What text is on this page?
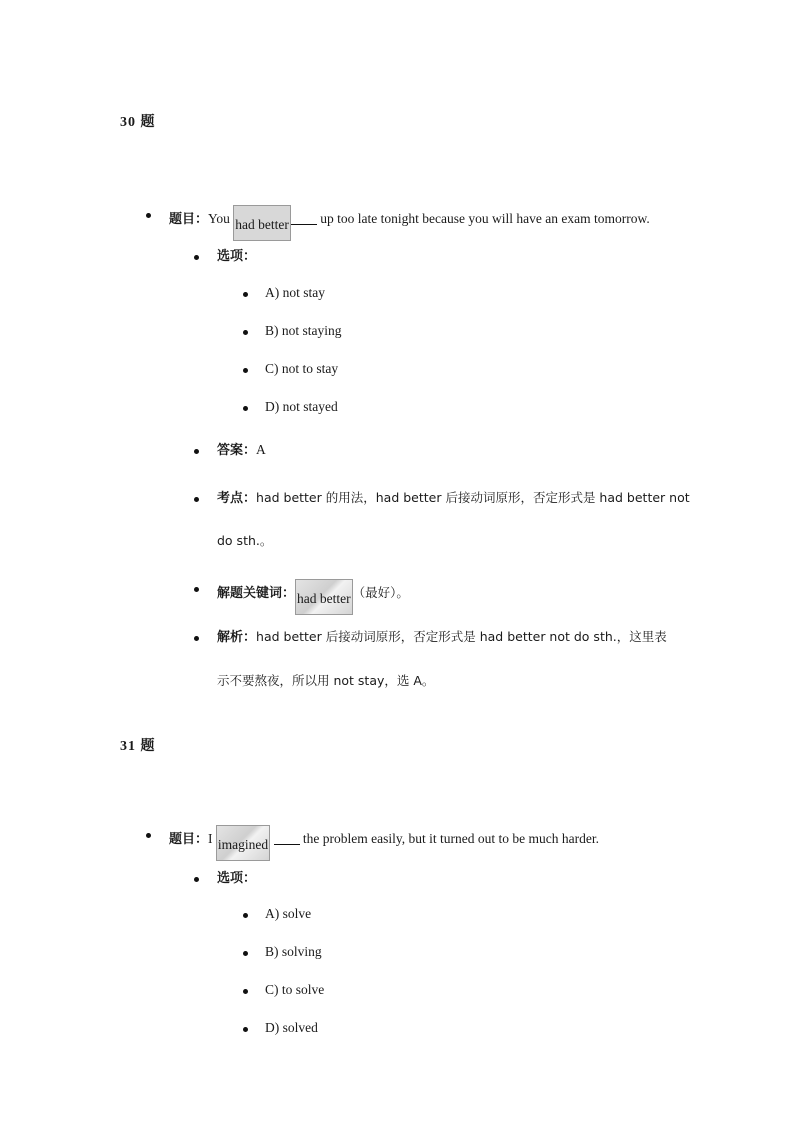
30 题
题目：You had better up too late tonight because you will have an exam tomorrow.
选项：
A) not stay
B) not staying
C) not to stay
D) not stayed
答案：A
考点：had better 的用法，had better 后接动词原形，否定形式是 had better not
do sth.。
解题关键词： had better （最好）。
解析：had better 后接动词原形，否定形式是 had better not do sth.，这里表
示不要熬夜，所以用 not stay，选 A。
31 题
题目：I imagined  the problem easily, but it turned out to be much harder.
选项：
A) solve
B) solving
C) to solve
D) solved
